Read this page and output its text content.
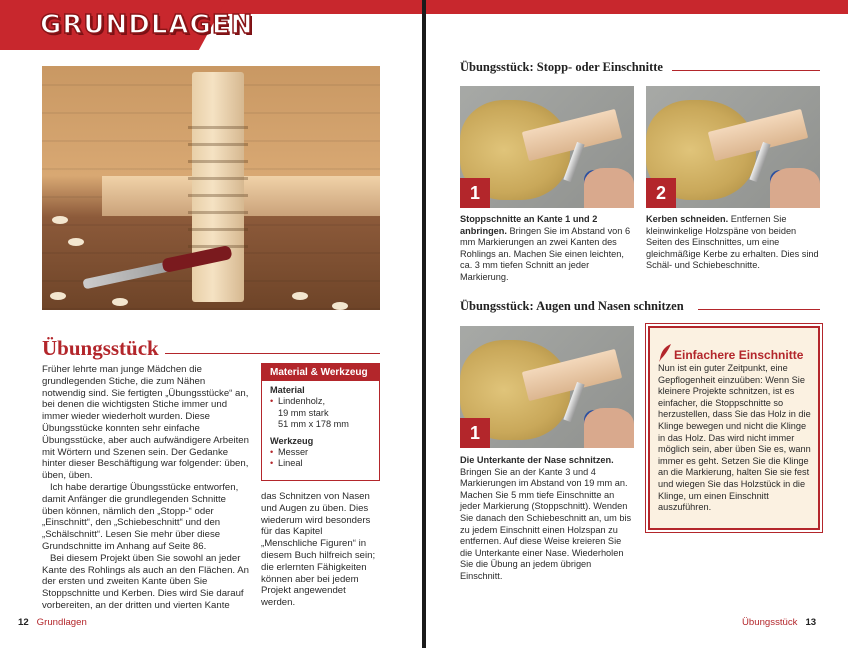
GRUNDLAGEN
Übungsstück

Früher lehrte man junge Mädchen die grundlegenden Stiche, die zum Nähen notwendig sind. Sie fertigten „Übungsstücke“ an, bei denen die wichtigsten Stiche immer und immer wieder wiederholt wurden. Diese Übungsstücke konnten sehr einfache Übungsstücke, aber auch aufwändigere Arbeiten mit Wörtern und Szenen sein. Der Gedanke hinter dieser Beschäftigung war folgender: üben, üben, üben.

Ich habe derartige Übungsstücke entworfen, damit Anfänger die grundlegenden Schnitte üben können, nämlich den „Stopp-“ oder „Einschnitt“, den „Schiebeschnitt“ und den „Schälschnitt“. Lesen Sie mehr über diese Grundschnitte im Anhang auf Seite 86.

Bei diesem Projekt üben Sie sowohl an jeder Kante des Rohlings als auch an den Flächen. An der ersten und zweiten Kante üben Sie Stoppschnitte und Kerben. Dies wird Sie darauf vorbereiten, an der dritten und vierten Kante

Material & Werkzeug
Material
• Lindenholz,
19 mm stark
51 mm x 178 mm
Werkzeug
• Messer
• Lineal

das Schnitzen von Nasen und Augen zu üben. Dies wiederum wird besonders für das Kapitel „Menschliche Figuren“ in diesem Buch hilfreich sein; die erlernten Fähigkeiten können aber bei jedem Projekt angewendet werden.

12 Grundlagen
Übungsstück: Stopp- oder Einschnitte
1	2
Stoppschnitte an Kante 1 und 2 anbringen. Bringen Sie im Abstand von 6 mm Markierungen an zwei Kanten des Rohlings an. Machen Sie einen leichten, ca. 3 mm tiefen Schnitt an jeder Markierung.
Kerben schneiden. Entfernen Sie kleinwinkelige Holzspäne von beiden Seiten des Einschnittes, um eine gleichmäßige Kerbe zu erhalten. Dies sind Schäl- und Schiebeschnitte.
Übungsstück: Augen und Nasen schnitzen
1
Die Unterkante der Nase schnitzen. Bringen Sie an der Kante 3 und 4 Markierungen im Abstand von 19 mm an. Machen Sie 5 mm tiefe Einschnitte an jeder Markierung (Stoppschnitt). Wenden Sie danach den Schiebeschnitt an, um bis zu jedem Einschnitt einen Holzspan zu entfernen. Auf diese Weise kreieren Sie die Unterkante einer Nase. Wiederholen Sie die Übung an jedem übrigen Einschnitt.
Einfachere Einschnitte
Nun ist ein guter Zeitpunkt, eine Gepflogenheit einzuüben: Wenn Sie kleinere Projekte schnitzen, ist es einfacher, die Stoppschnitte so herzustellen, dass Sie das Holz in die Klinge bewegen und nicht die Klinge in das Holz. Das wird nicht immer möglich sein, aber üben Sie es, wann immer es geht. Setzen Sie die Klinge an die Markierung, halten Sie sie fest und wiegen Sie das Holzstück in die Klinge, um einen Einschnitt auszuführen.
Übungsstück 13
